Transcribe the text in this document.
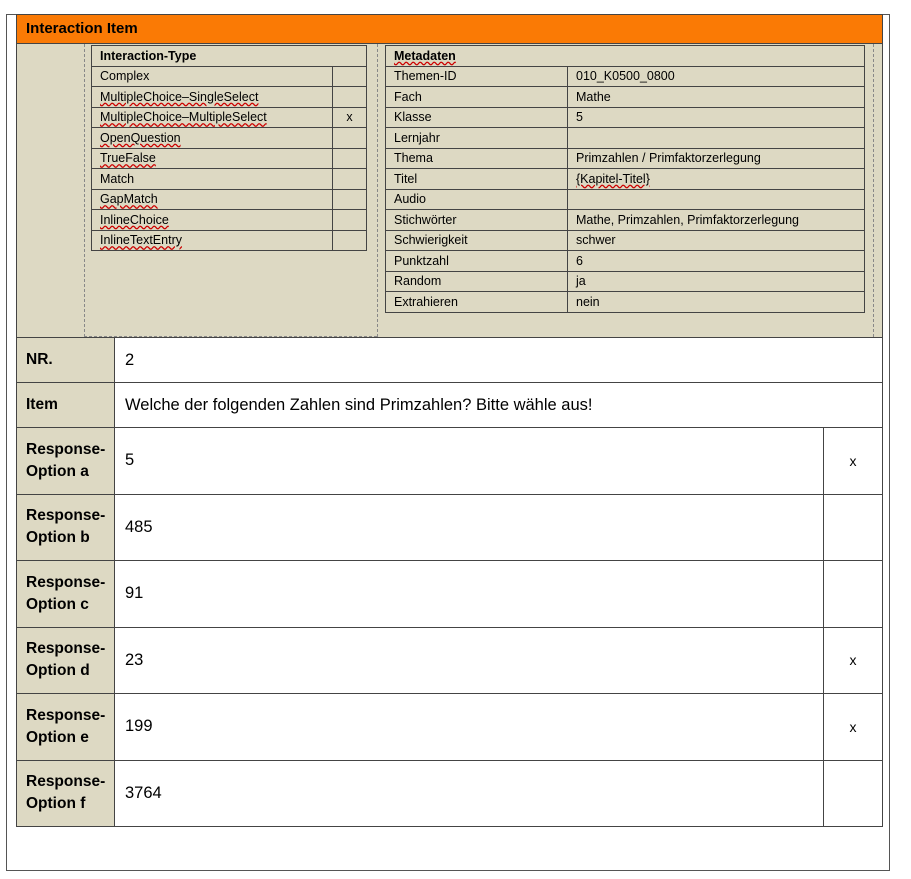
Interaction Item
Interaction-Type	
Complex	
MultipleChoice–SingleSelect	
MultipleChoice–MultipleSelect	x
OpenQuestion	
TrueFalse	
Match	
GapMatch	
InlineChoice	
InlineTextEntry	
Metadaten	
Themen-ID	010_K0500_0800
Fach	Mathe
Klasse	5
Lernjahr	
Thema	Primzahlen / Primfaktorzerlegung
Titel	{Kapitel-Titel}
Audio	
Stichwörter	Mathe, Primzahlen, Primfaktorzerlegung
Schwierigkeit	schwer
Punktzahl	6
Random	ja
Extrahieren	nein
NR.	2	
Item	Welche der folgenden Zahlen sind Primzahlen? Bitte wähle aus!	
Response-
Option a	5	x
Response-
Option b	485	
Response-
Option c	91	
Response-
Option d	23	x
Response-
Option e	199	x
Response-
Option f	3764	
